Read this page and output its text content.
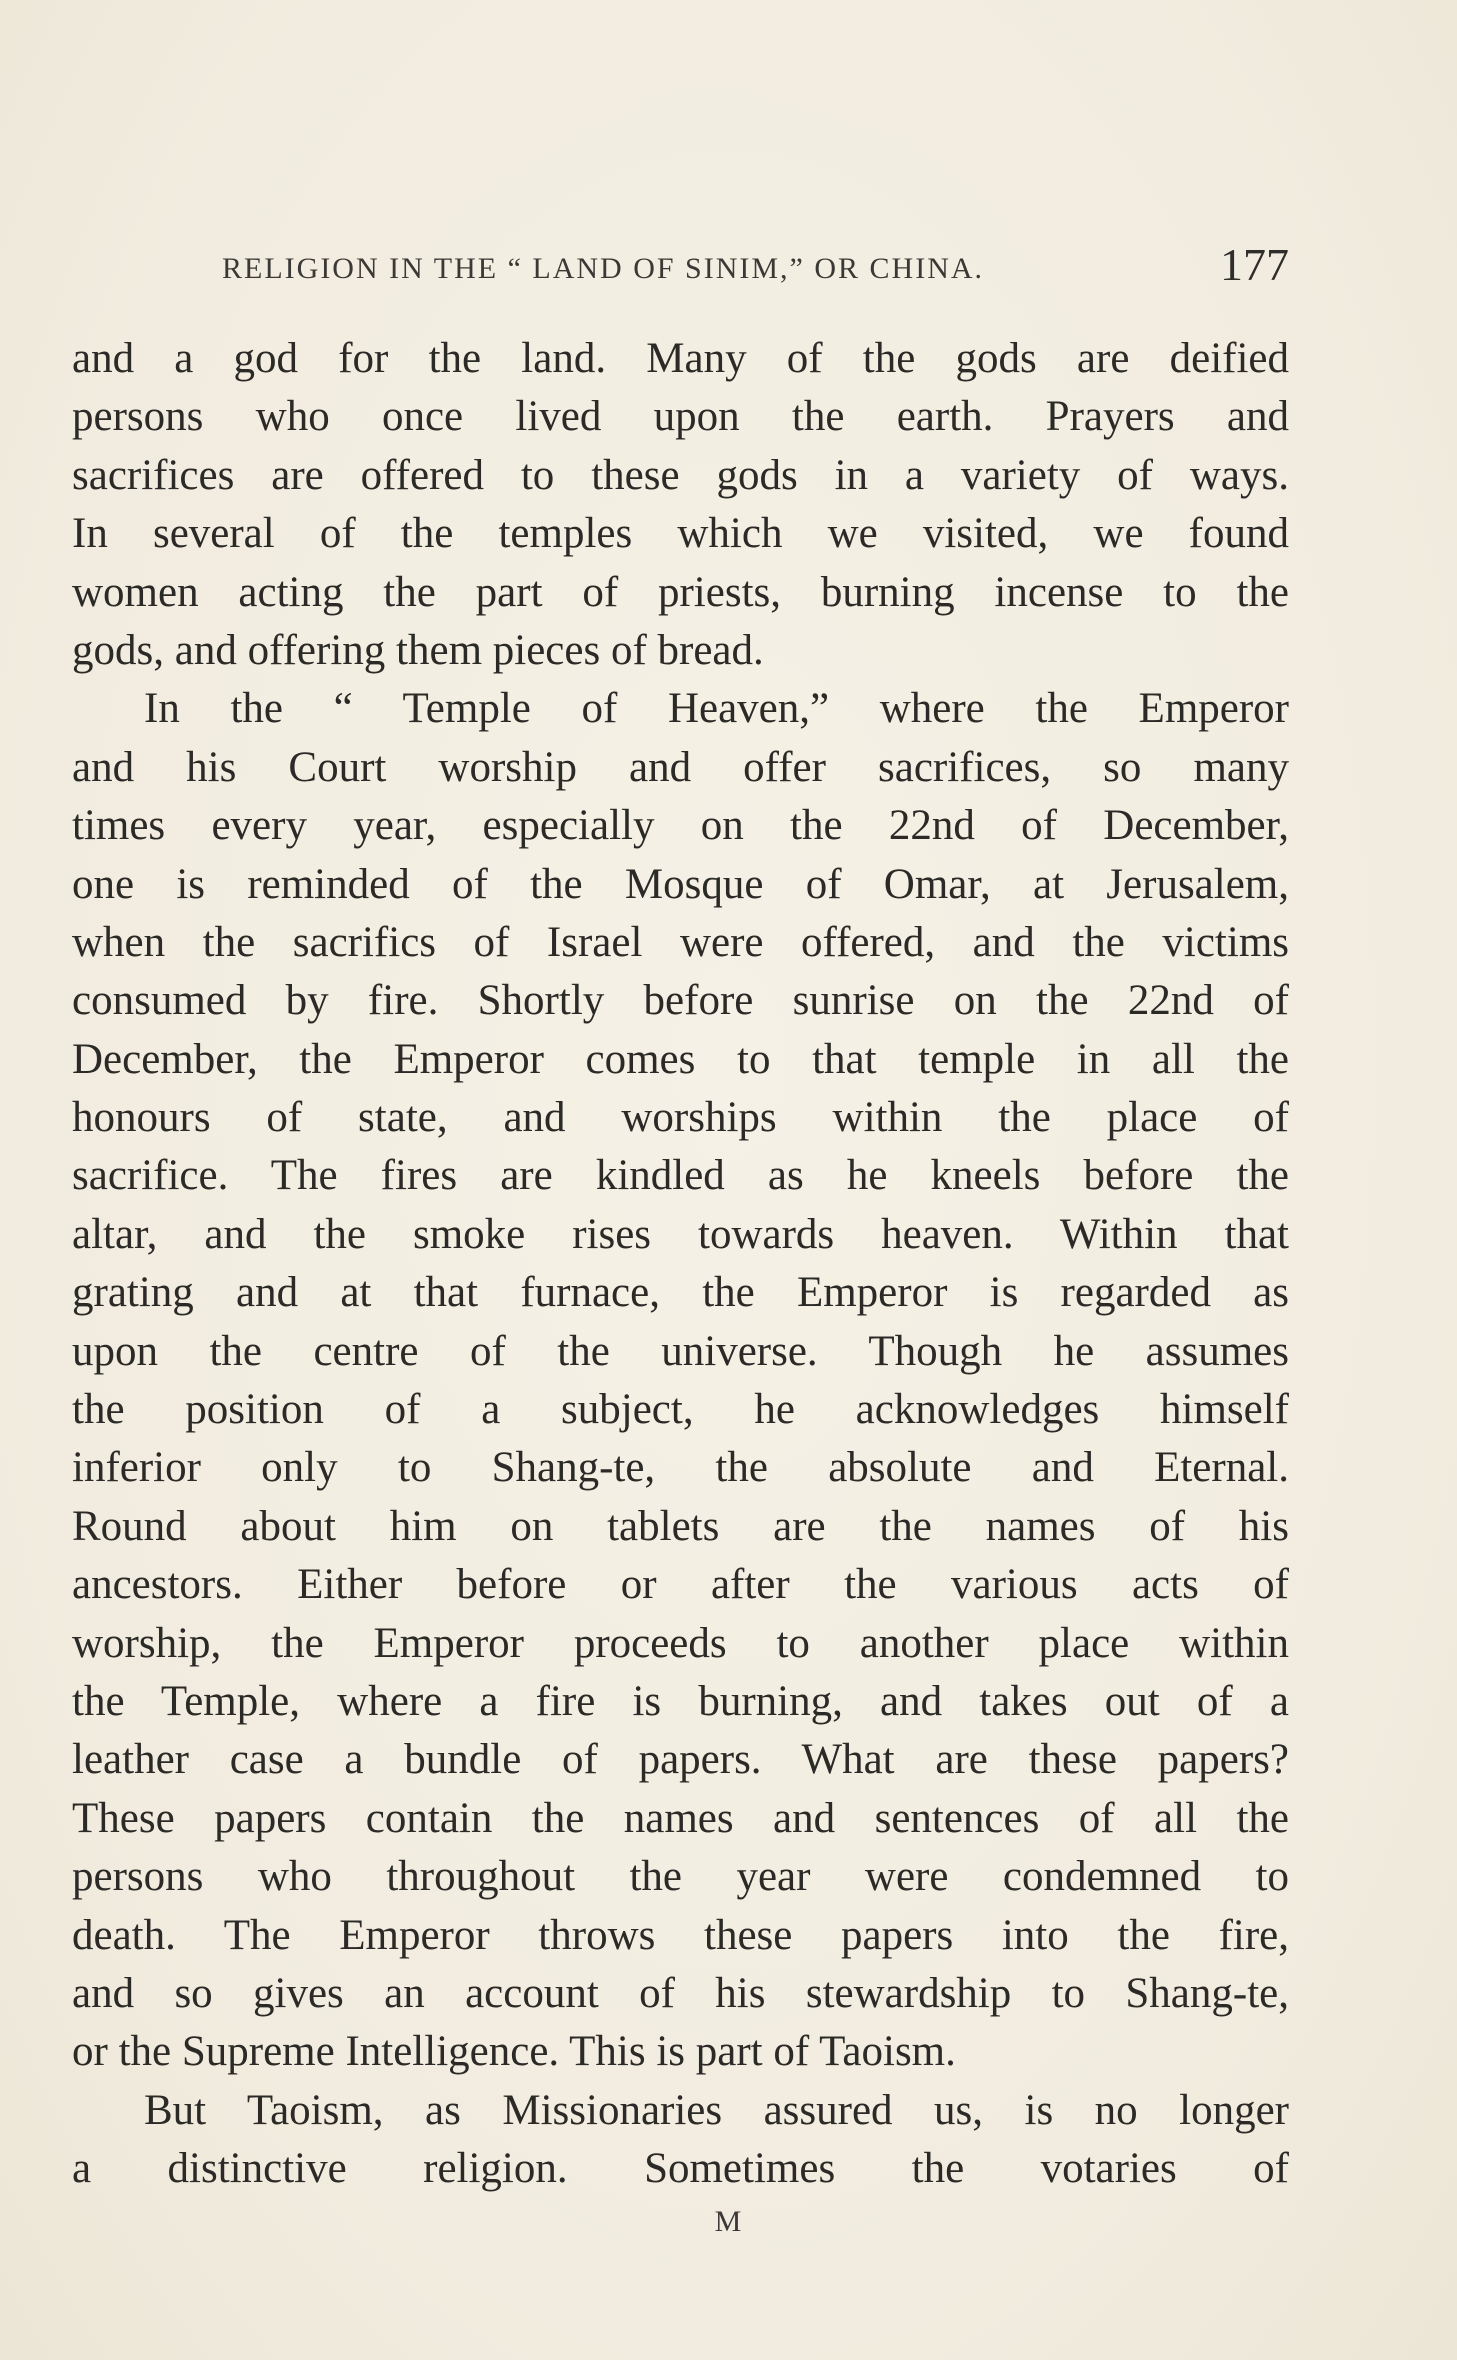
RELIGION IN THE “ LAND OF SINIM,” OR CHINA.	177
and a god for the land. Many of the gods are deified
persons who once lived upon the earth. Prayers and
sacrifices are offered to these gods in a variety of ways.
In several of the temples which we visited, we found
women acting the part of priests, burning incense to the
gods, and offering them pieces of bread.
In the “ Temple of Heaven,” where the Emperor
and his Court worship and offer sacrifices, so many
times every year, especially on the 22nd of December,
one is reminded of the Mosque of Omar, at Jerusalem,
when the sacrifics of Israel were offered, and the victims
consumed by fire. Shortly before sunrise on the 22nd of
December, the Emperor comes to that temple in all the
honours of state, and worships within the place of
sacrifice. The fires are kindled as he kneels before the
altar, and the smoke rises towards heaven. Within that
grating and at that furnace, the Emperor is regarded as
upon the centre of the universe. Though he assumes
the position of a subject, he acknowledges himself
inferior only to Shang-te, the absolute and Eternal.
Round about him on tablets are the names of his
ancestors. Either before or after the various acts of
worship, the Emperor proceeds to another place within
the Temple, where a fire is burning, and takes out of a
leather case a bundle of papers. What are these papers?
These papers contain the names and sentences of all the
persons who throughout the year were condemned to
death. The Emperor throws these papers into the fire,
and so gives an account of his stewardship to Shang-te,
or the Supreme Intelligence. This is part of Taoism.
But Taoism, as Missionaries assured us, is no longer
a distinctive religion. Sometimes the votaries of
M
